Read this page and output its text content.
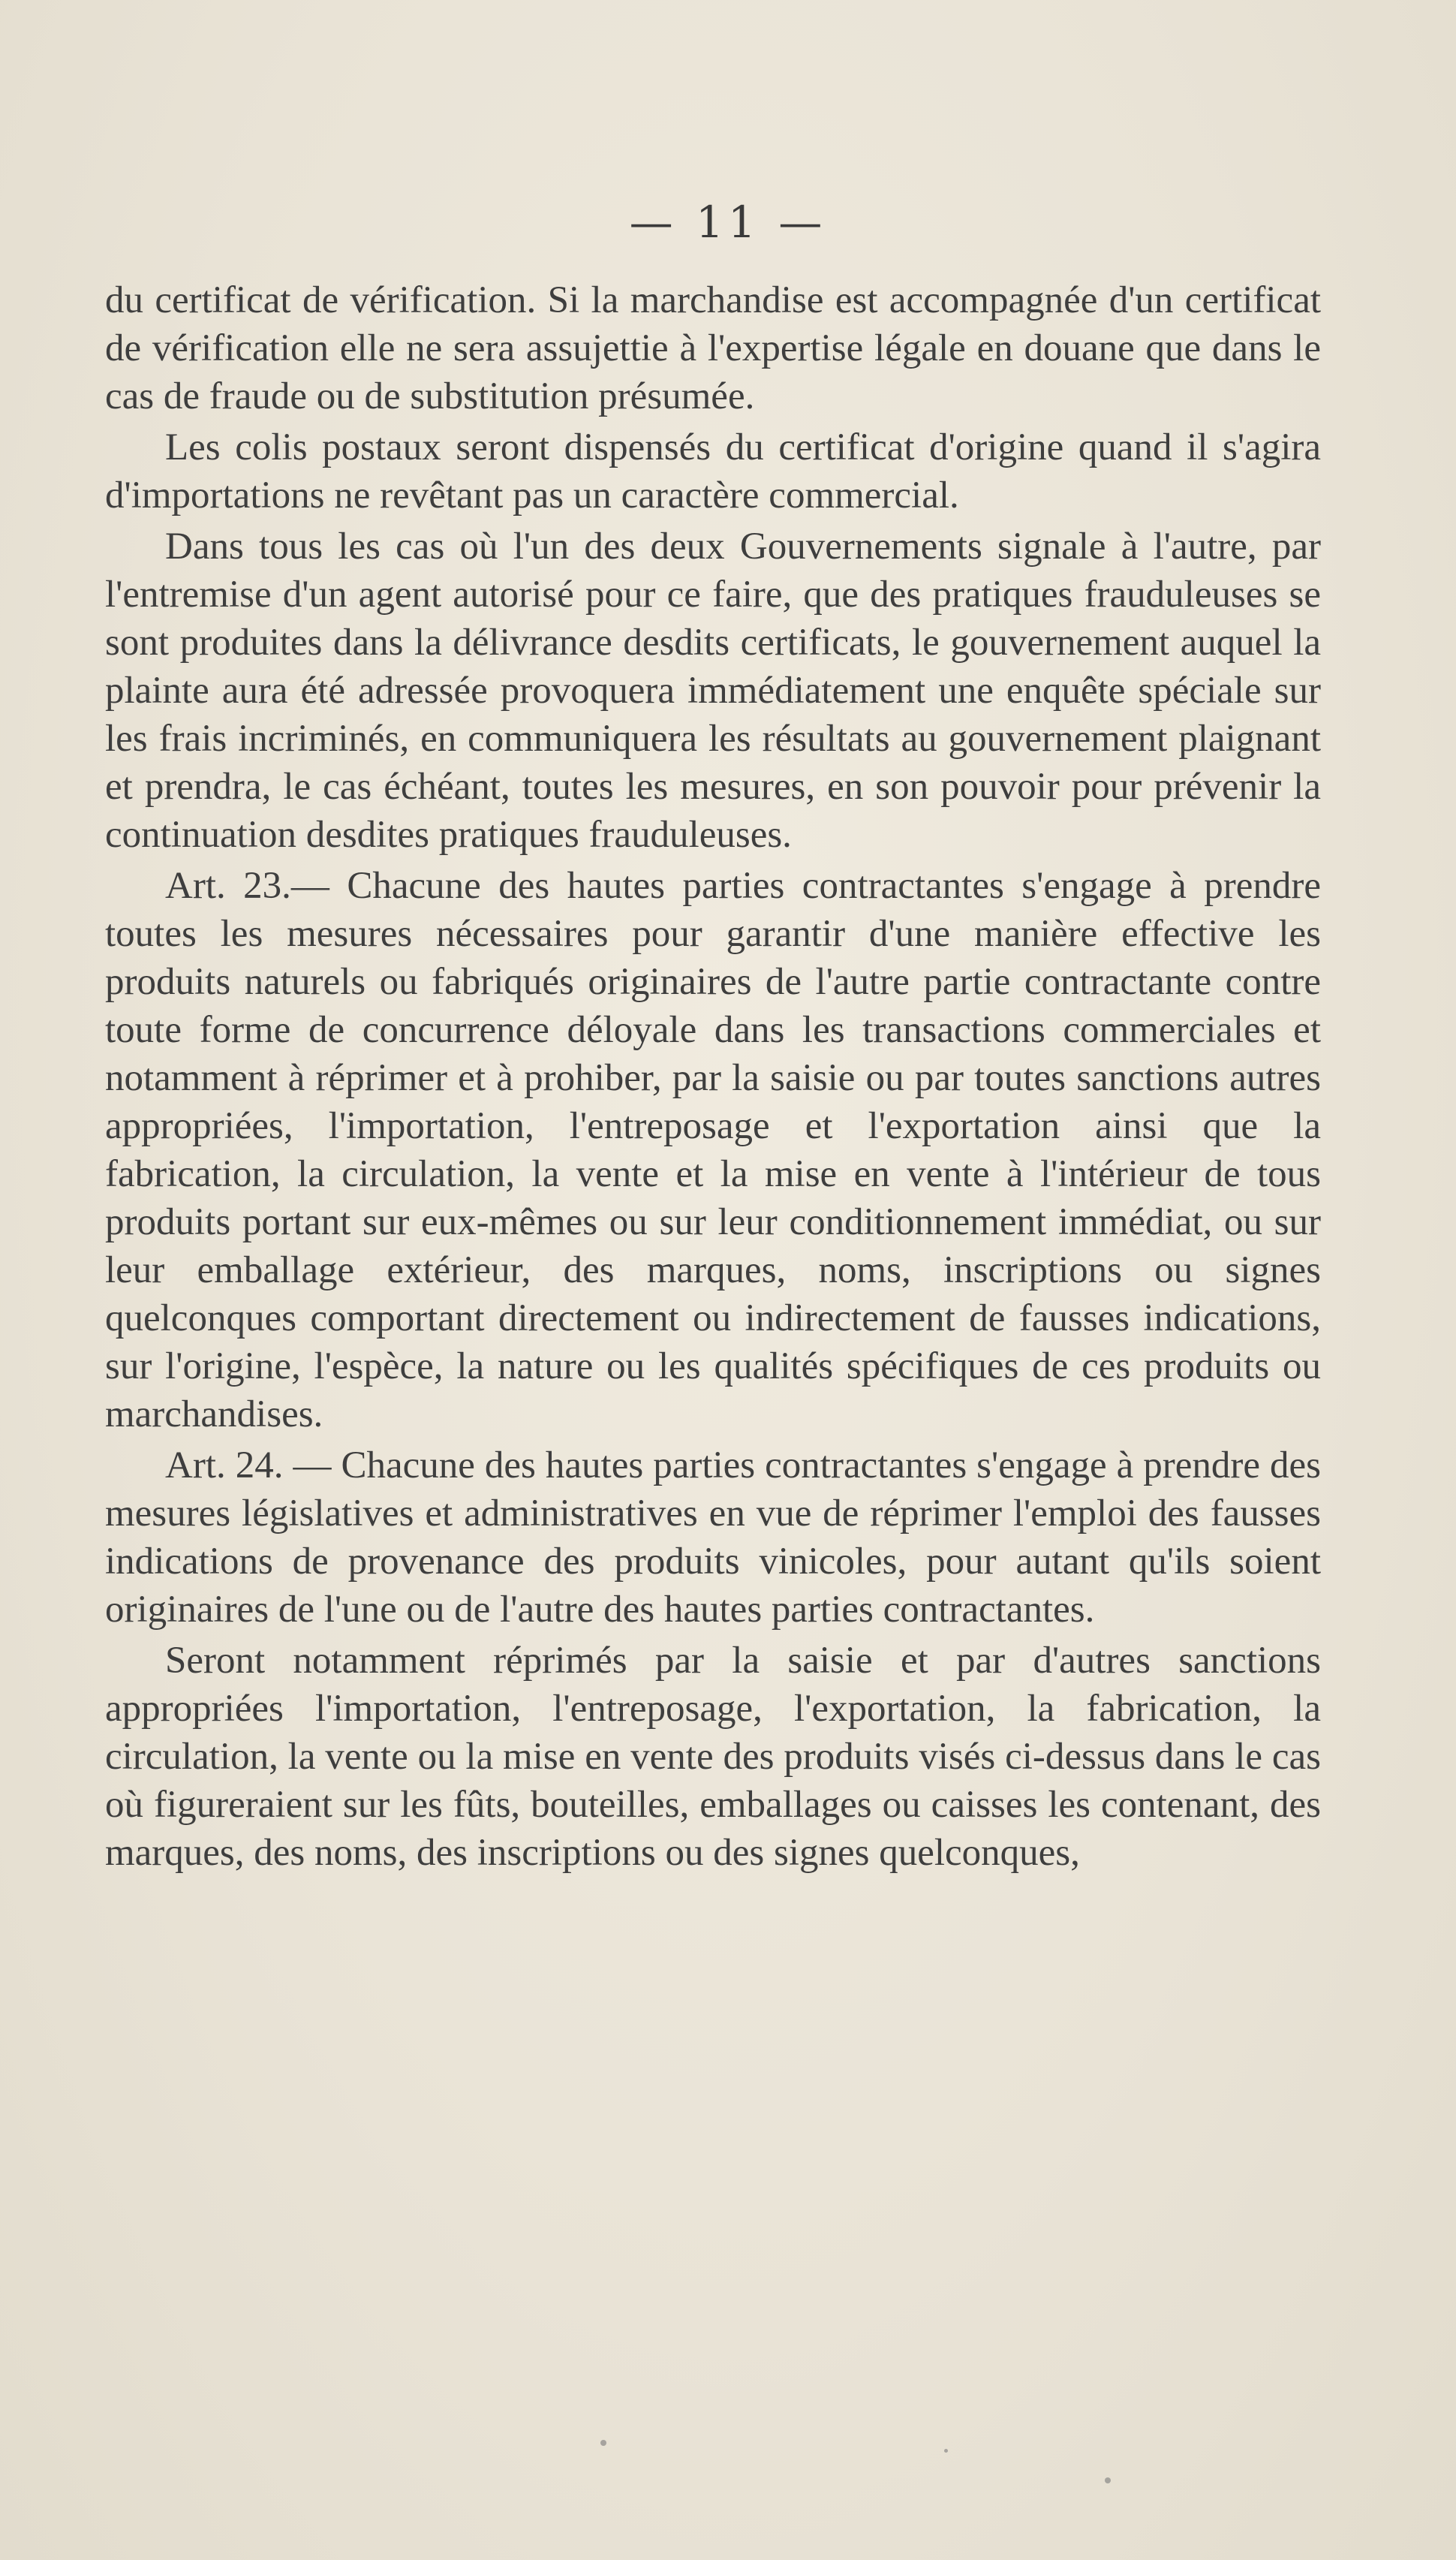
— 11 —

du certificat de vérification. Si la marchandise est accompagnée d'un certificat de vérification elle ne sera assujettie à l'expertise légale en douane que dans le cas de fraude ou de substitution présumée.

Les colis postaux seront dispensés du certificat d'origine quand il s'agira d'importations ne revêtant pas un caractère commercial.

Dans tous les cas où l'un des deux Gouvernements signale à l'autre, par l'entremise d'un agent autorisé pour ce faire, que des pratiques frauduleuses se sont produites dans la délivrance desdits certificats, le gouvernement auquel la plainte aura été adressée provoquera immédiatement une enquête spéciale sur les frais incriminés, en communiquera les résultats au gouvernement plaignant et prendra, le cas échéant, toutes les mesures, en son pouvoir pour prévenir la continuation desdites pratiques frauduleuses.

Art. 23.— Chacune des hautes parties contractantes s'engage à prendre toutes les mesures nécessaires pour garantir d'une manière effective les produits naturels ou fabriqués originaires de l'autre partie contractante contre toute forme de concurrence déloyale dans les transactions commerciales et notamment à réprimer et à prohiber, par la saisie ou par toutes sanctions autres appropriées, l'importation, l'entreposage et l'exportation ainsi que la fabrication, la circulation, la vente et la mise en vente à l'intérieur de tous produits portant sur eux-mêmes ou sur leur conditionnement immédiat, ou sur leur emballage extérieur, des marques, noms, inscriptions ou signes quelconques comportant directement ou indirectement de fausses indications, sur l'origine, l'espèce, la nature ou les qualités spécifiques de ces produits ou marchandises.

Art. 24. — Chacune des hautes parties contractantes s'engage à prendre des mesures législatives et administratives en vue de réprimer l'emploi des fausses indications de provenance des produits vinicoles, pour autant qu'ils soient originaires de l'une ou de l'autre des hautes parties contractantes.

Seront notamment réprimés par la saisie et par d'autres sanctions appropriées l'importation, l'entreposage, l'exportation, la fabrication, la circulation, la vente ou la mise en vente des produits visés ci-dessus dans le cas où figureraient sur les fûts, bouteilles, emballages ou caisses les contenant, des marques, des noms, des inscriptions ou des signes quelconques,
